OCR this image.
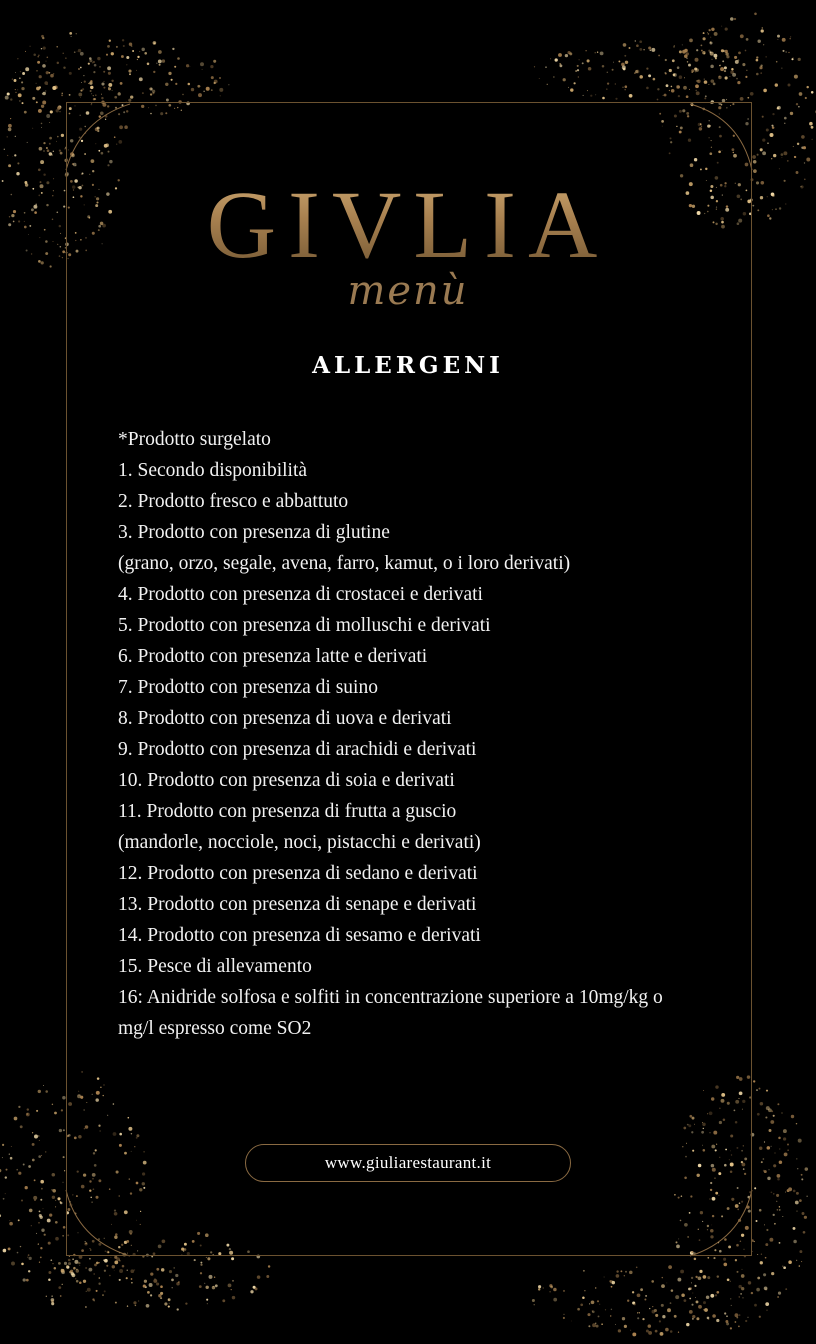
GIVLIA
menù
ALLERGENI
*Prodotto surgelato
1. Secondo disponibilità
2. Prodotto fresco e abbattuto
3. Prodotto con presenza di glutine
(grano, orzo, segale, avena, farro, kamut, o i loro derivati)
4. Prodotto con presenza di crostacei e derivati
5. Prodotto con presenza di molluschi e derivati
6. Prodotto con presenza latte e derivati
7. Prodotto con presenza di suino
8. Prodotto con presenza di uova e derivati
9. Prodotto con presenza di arachidi e derivati
10. Prodotto con presenza di soia e derivati
11. Prodotto con presenza di frutta a guscio
(mandorle, nocciole, noci, pistacchi e derivati)
12. Prodotto con presenza di sedano e derivati
13. Prodotto con presenza di senape e derivati
14. Prodotto con presenza di sesamo e derivati
15. Pesce di allevamento
16: Anidride solfosa e solfiti in concentrazione superiore a 10mg/kg o
mg/l espresso come SO2
www.giuliarestaurant.it
